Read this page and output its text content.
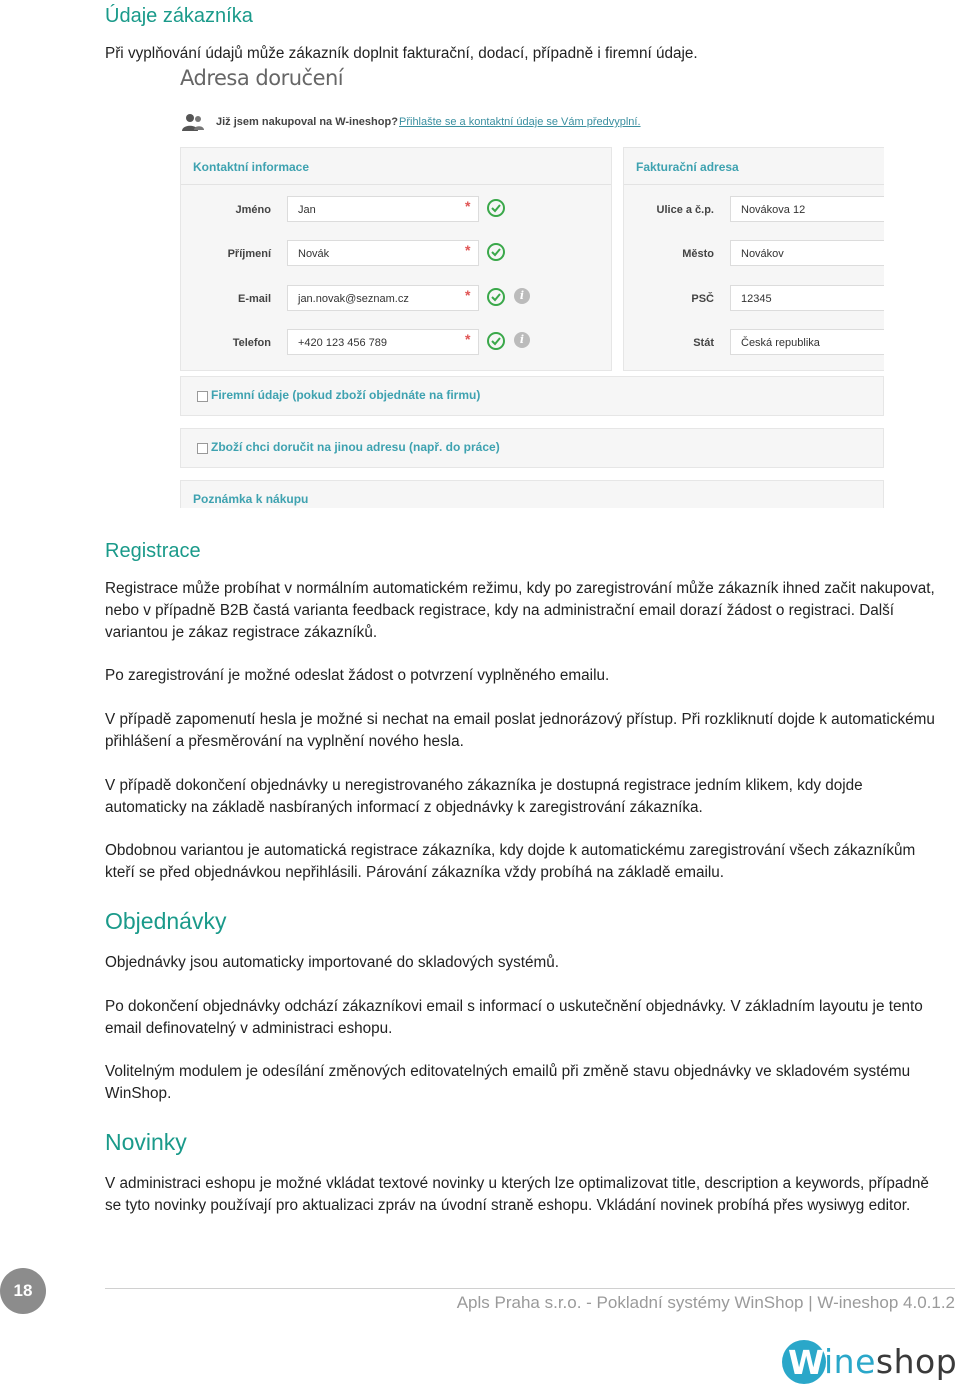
Údaje zákazníka

Při vyplňování údajů může zákazník doplnit fakturační, dodací, případně i firemní údaje.

Adresa doručení
Již jsem nakupoval na W-ineshop? Přihlašte se a kontaktní údaje se Vám předvyplní.
Kontaktní informace
Jméno	Jan	*
Příjmení	Novák	*
E-mail	jan.novak@seznam.cz	*	i
Telefon	+420 123 456 789	*	i
Fakturační adresa
Ulice a č.p.	Novákova 12
Město	Novákov
PSČ	12345
Stát	Česká republika
Firemní údaje (pokud zboží objednáte na firmu)
Zboží chci doručit na jinou adresu (např. do práce)
Poznámka k nákupu
Registrace

Registrace může probíhat v normálním automatickém režimu, kdy po zaregistrování může zákazník ihned začit nakupovat, nebo v případně B2B častá varianta feedback registrace, kdy na administrační email dorazí žádost o registraci. Další variantou je zákaz registrace zákazníků.

Po zaregistrování je možné odeslat žádost o potvrzení vyplněného emailu.

V případě zapomenutí hesla je možné si nechat na email poslat jednorázový přístup. Při rozkliknutí dojde k automatickému přihlášení a přesměrování na vyplnění nového hesla.

V případě dokončení objednávky u neregistrovaného zákazníka je dostupná registrace jedním klikem, kdy dojde automaticky na základě nasbíraných informací z objednávky k zaregistrování zákazníka.

Obdobnou variantou je automatická registrace zákazníka, kdy dojde k automatickému zaregistrování všech zákazníkům kteří se před objednávkou nepřihlásili. Párování zákazníka vždy probíhá na základě emailu.

Objednávky

Objednávky jsou automaticky importované do skladových systémů.

Po dokončení objednávky odchází zákazníkovi email s informací o uskutečnění objednávky. V základním layoutu je tento email definovatelný v administraci eshopu.

Volitelným modulem je odesílání změnových editovatelných emailů při změně stavu objednávky ve skladovém systému WinShop.

Novinky

V administraci eshopu je možné vkládat textové novinky u kterých lze optimalizovat title, description a keywords, případně se tyto novinky používají pro aktualizaci zpráv na úvodní straně eshopu. Vkládání novinek probíhá přes wysiwyg editor.

18
Apls Praha s.r.o. - Pokladní systémy WinShop | W-ineshop 4.0.1.2
W ineshop
